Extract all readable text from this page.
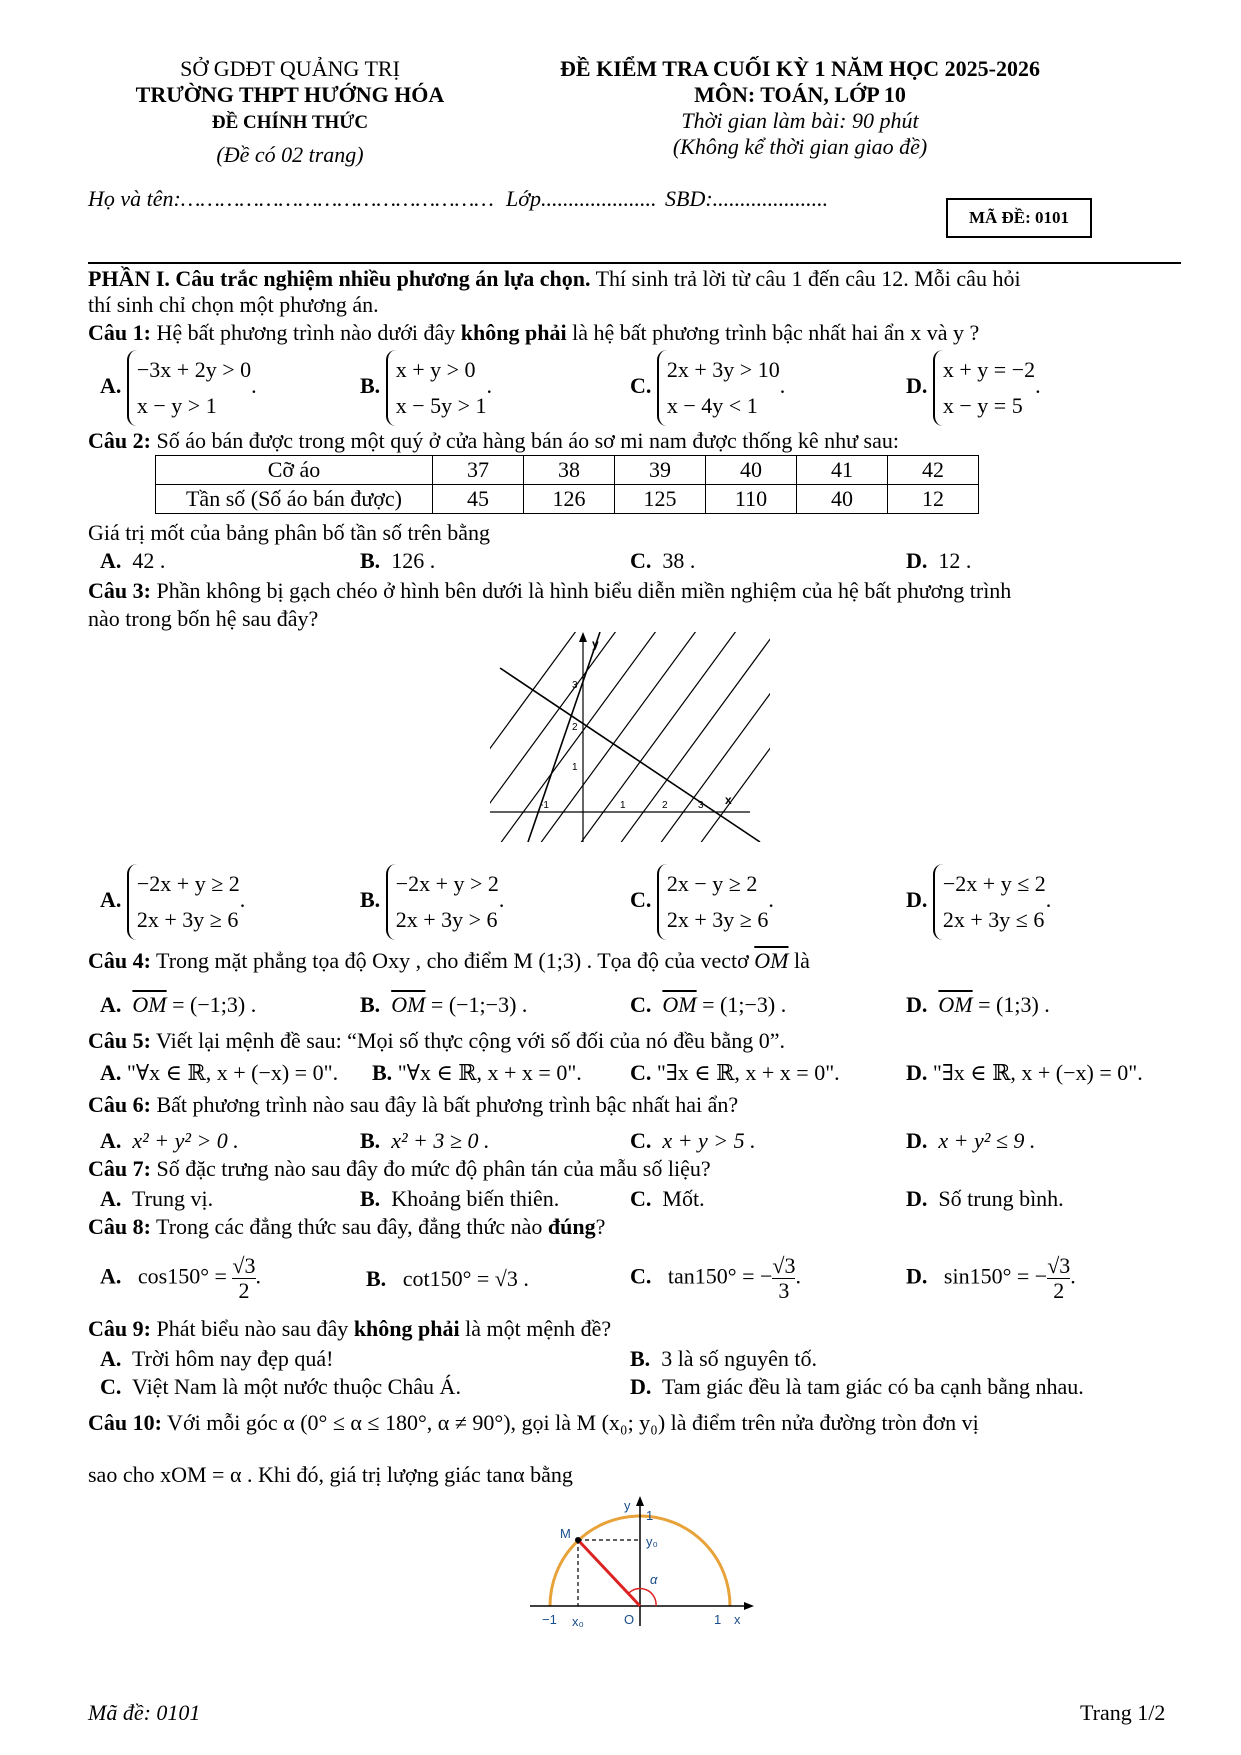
SỞ GDĐT QUẢNG TRỊ
TRƯỜNG THPT HƯỚNG HÓA
ĐỀ CHÍNH THỨC
(Đề có 02 trang)
ĐỀ KIỂM TRA CUỐI KỲ 1 NĂM HỌC 2025-2026
MÔN: TOÁN, LỚP 10
Thời gian làm bài: 90 phút
(Không kể thời gian giao đề)
Họ và tên:………………………………………… Lớp..................... SBD:.....................
MÃ ĐỀ: 0101
PHẦN I. Câu trắc nghiệm nhiều phương án lựa chọn. Thí sinh trả lời từ câu 1 đến câu 12. Mỗi câu hỏi
thí sinh chỉ chọn một phương án.
Câu 1: Hệ bất phương trình nào dưới đây không phải là hệ bất phương trình bậc nhất hai ẩn x và y ?
A. −3x + 2y > 0
x − y > 1.	B. x + y > 0
x − 5y > 1.	C. 2x + 3y > 10
x − 4y < 1.	D. x + y = −2
x − y = 5.
Câu 2: Số áo bán được trong một quý ở cửa hàng bán áo sơ mi nam được thống kê như sau:
Cỡ áo	37	38	39	40	41	42
Tần số (Số áo bán được)	45	126	125	110	40	12
Giá trị mốt của bảng phân bố tần số trên bằng
A. 42 .	B. 126 .	C. 38 .	D. 12 .
Câu 3: Phần không bị gạch chéo ở hình bên dưới là hình biểu diễn miền nghiệm của hệ bất phương trình
nào trong bốn hệ sau đây?
y
x
-1	1	2	3
1
2
3
A. −2x + y ≥ 2
2x + 3y ≥ 6.	B. −2x + y > 2
2x + 3y > 6.	C. 2x − y ≥ 2
2x + 3y ≥ 6.	D. −2x + y ≤ 2
2x + 3y ≤ 6.
Câu 4: Trong mặt phẳng tọa độ Oxy , cho điểm M (1;3) . Tọa độ của vectơ $\overline{OM}$ là
A. $\overline{OM}$ = (−1;3) .	B. $\overline{OM}$ = (−1;−3) .	C. $\overline{OM}$ = (1;−3) .	D. $\overline{OM}$ = (1;3) .
Câu 5: Viết lại mệnh đề sau: “Mọi số thực cộng với số đối của nó đều bằng 0”.
A. "∀x ∈ ℝ, x + (−x) = 0". B. "∀x ∈ ℝ, x + x = 0". C. "∃x ∈ ℝ, x + x = 0".	D. "∃x ∈ ℝ, x + (−x) = 0".
Câu 6: Bất phương trình nào sau đây là bất phương trình bậc nhất hai ẩn?
A. x² + y² > 0 .	B. x² + 3 ≥ 0 .	C. x + y > 5 .	D. x + y² ≤ 9 .
Câu 7: Số đặc trưng nào sau đây đo mức độ phân tán của mẫu số liệu?
A. Trung vị.	B. Khoảng biến thiên.	C. Mốt.	D. Số trung bình.
Câu 8: Trong các đẳng thức sau đây, đẳng thức nào đúng?
A. $\cos 150^\circ = \frac{√3}{2}$ .	B. cot150° = √3 .	C. tan150° = − $\frac{√3}{3}$ .	D. sin150° = − $\frac{√3}{2}$ .
Câu 9: Phát biểu nào sau đây không phải là một mệnh đề?
A. Trời hôm nay đẹp quá!	B. 3 là số nguyên tố.
C. Việt Nam là một nước thuộc Châu Á.	D. Tam giác đều là tam giác có ba cạnh bằng nhau.
Câu 10: Với mỗi góc α (0° ≤ α ≤ 180°, α ≠ 90°), gọi là M (x₀; y₀) là điểm trên nửa đường tròn đơn vị
sao cho xOM = α . Khi đó, giá trị lượng giác tanα bằng
y
1
M
y₀
α
−1 x₀	O	1 x
Mã đề: 0101	Trang 1/2
